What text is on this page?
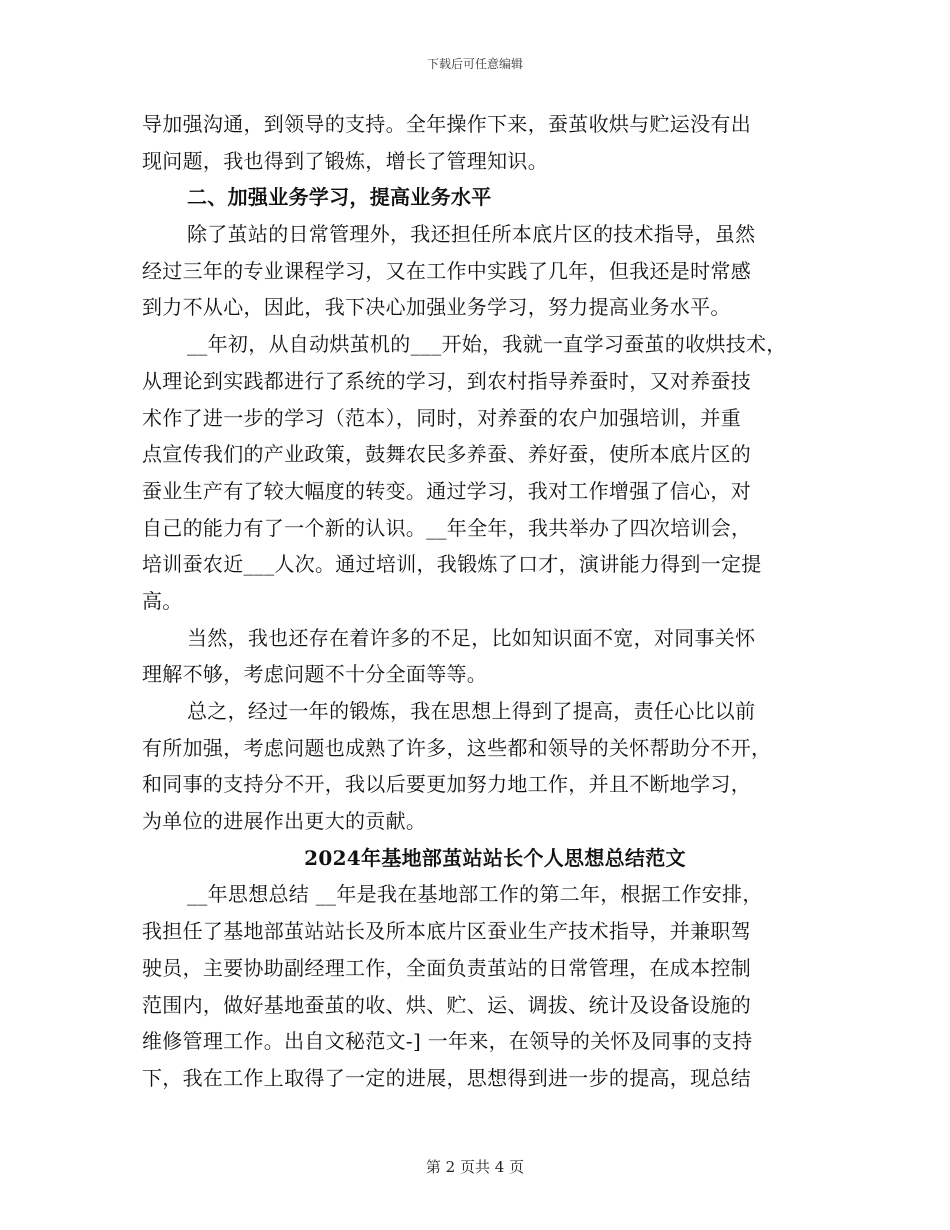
下载后可任意编辑
导加强沟通，到领导的支持。全年操作下来，蚕茧收烘与贮运没有出
现问题，我也得到了锻炼，增长了管理知识。
二、加强业务学习，提高业务水平
除了茧站的日常管理外，我还担任所本底片区的技术指导，虽然
经过三年的专业课程学习，又在工作中实践了几年，但我还是时常感
到力不从心，因此，我下决心加强业务学习，努力提高业务水平。
__年初，从自动烘茧机的___开始，我就一直学习蚕茧的收烘技术，
从理论到实践都进行了系统的学习，到农村指导养蚕时，又对养蚕技
术作了进一步的学习（范本），同时，对养蚕的农户加强培训，并重
点宣传我们的产业政策，鼓舞农民多养蚕、养好蚕，使所本底片区的
蚕业生产有了较大幅度的转变。通过学习，我对工作增强了信心，对
自己的能力有了一个新的认识。__年全年，我共举办了四次培训会，
培训蚕农近___人次。通过培训，我锻炼了口才，演讲能力得到一定提
高。
当然，我也还存在着许多的不足，比如知识面不宽，对同事关怀
理解不够，考虑问题不十分全面等等。
总之，经过一年的锻炼，我在思想上得到了提高，责任心比以前
有所加强，考虑问题也成熟了许多，这些都和领导的关怀帮助分不开，
和同事的支持分不开，我以后要更加努力地工作，并且不断地学习，
为单位的进展作出更大的贡献。
2024年基地部茧站站长个人思想总结范文
__年思想总结 __年是我在基地部工作的第二年，根据工作安排，
我担任了基地部茧站站长及所本底片区蚕业生产技术指导，并兼职驾
驶员，主要协助副经理工作，全面负责茧站的日常管理，在成本控制
范围内，做好基地蚕茧的收、烘、贮、运、调拔、统计及设备设施的
维修管理工作。出自文秘范文-] 一年来，在领导的关怀及同事的支持
下，我在工作上取得了一定的进展，思想得到进一步的提高，现总结
第 2 页共 4 页
